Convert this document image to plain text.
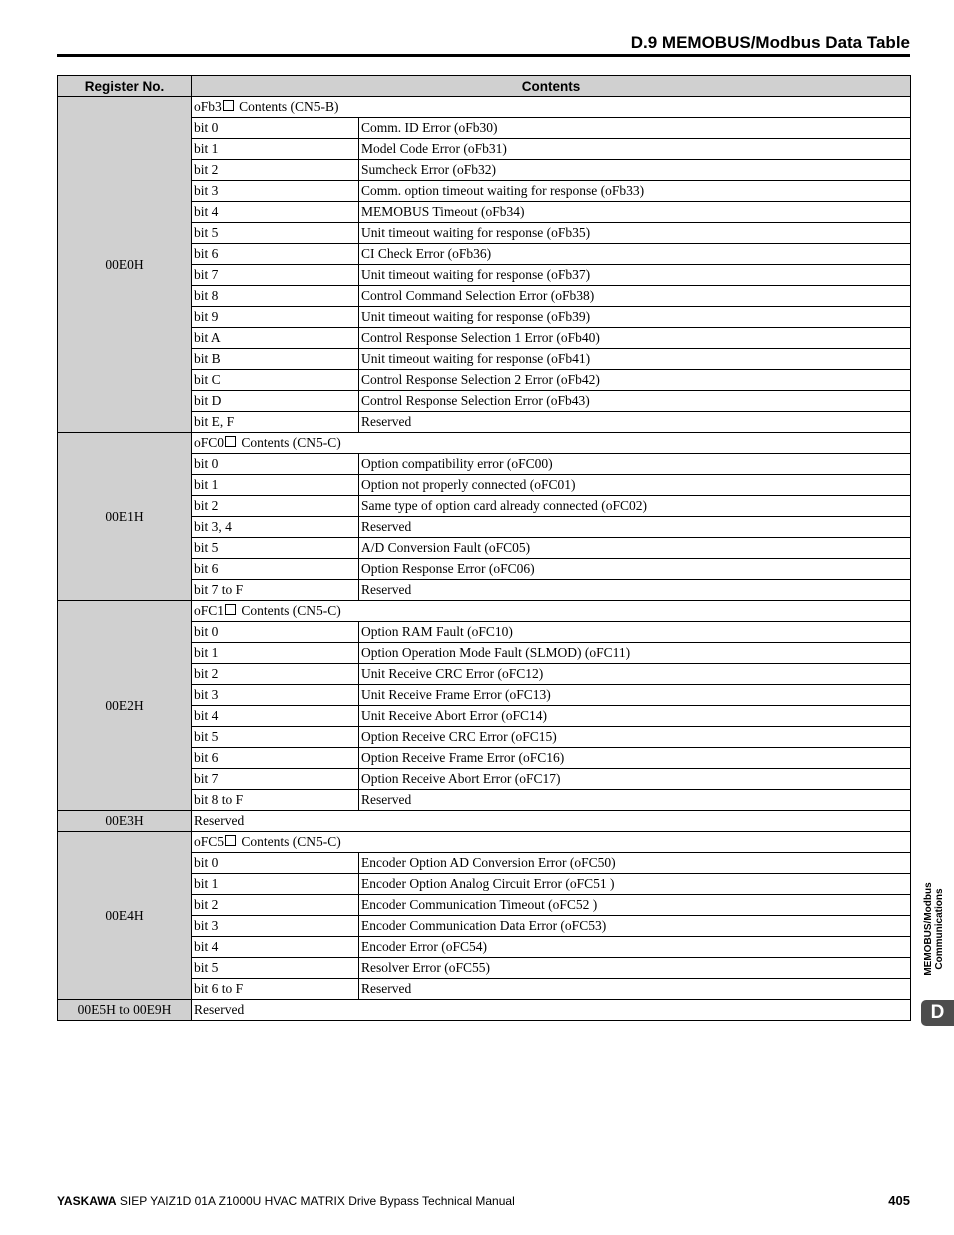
D.9 MEMOBUS/Modbus Data Table
Register No.	Contents	
00E0H	oFb3 Contents (CN5-B)	
	bit 0	Comm. ID Error (oFb30)
	bit 1	Model Code Error (oFb31)
	bit 2	Sumcheck Error (oFb32)
	bit 3	Comm. option timeout waiting for response (oFb33)
	bit 4	MEMOBUS Timeout (oFb34)
	bit 5	Unit timeout waiting for response (oFb35)
	bit 6	CI Check Error (oFb36)
	bit 7	Unit timeout waiting for response (oFb37)
	bit 8	Control Command Selection Error (oFb38)
	bit 9	Unit timeout waiting for response (oFb39)
	bit A	Control Response Selection 1 Error (oFb40)
	bit B	Unit timeout waiting for response (oFb41)
	bit C	Control Response Selection 2 Error (oFb42)
	bit D	Control Response Selection Error (oFb43)
	bit E, F	Reserved
00E1H	oFC0 Contents (CN5-C)	
	bit 0	Option compatibility error (oFC00)
	bit 1	Option not properly connected (oFC01)
	bit 2	Same type of option card already connected (oFC02)
	bit 3, 4	Reserved
	bit 5	A/D Conversion Fault (oFC05)
	bit 6	Option Response Error (oFC06)
	bit 7 to F	Reserved
00E2H	oFC1 Contents (CN5-C)	
	bit 0	Option RAM Fault (oFC10)
	bit 1	Option Operation Mode Fault (SLMOD) (oFC11)
	bit 2	Unit Receive CRC Error (oFC12)
	bit 3	Unit Receive Frame Error (oFC13)
	bit 4	Unit Receive Abort Error (oFC14)
	bit 5	Option Receive CRC Error (oFC15)
	bit 6	Option Receive Frame Error (oFC16)
	bit 7	Option Receive Abort Error (oFC17)
	bit 8 to F	Reserved
00E3H	Reserved	
00E4H	oFC5 Contents (CN5-C)	
	bit 0	Encoder Option AD Conversion Error (oFC50)
	bit 1	Encoder Option Analog Circuit Error (oFC51 )
	bit 2	Encoder Communication Timeout (oFC52 )
	bit 3	Encoder Communication Data Error (oFC53)
	bit 4	Encoder Error (oFC54)
	bit 5	Resolver Error (oFC55)
	bit 6 to F	Reserved
00E5H to 00E9H	Reserved	
MEMOBUS/Modbus Communications
D
YASKAWA SIEP YAIZ1D 01A Z1000U HVAC MATRIX Drive Bypass Technical Manual	405
